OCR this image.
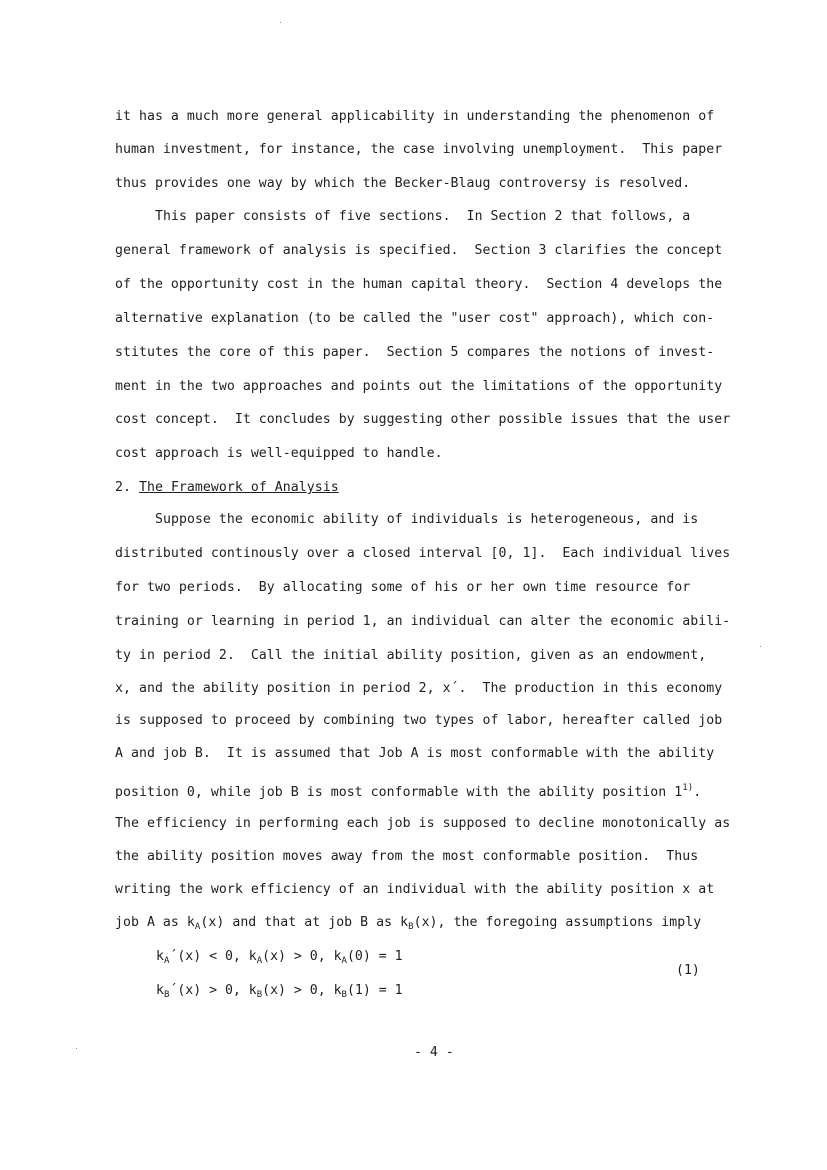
it has a much more general applicability in understanding the phenomenon of
human investment, for instance, the case involving unemployment.  This paper
thus provides one way by which the Becker-Blaug controversy is resolved.
This paper consists of five sections.  In Section 2 that follows, a
general framework of analysis is specified.  Section 3 clarifies the concept
of the opportunity cost in the human capital theory.  Section 4 develops the
alternative explanation (to be called the "user cost" approach), which con-
stitutes the core of this paper.  Section 5 compares the notions of invest-
ment in the two approaches and points out the limitations of the opportunity
cost concept.  It concludes by suggesting other possible issues that the user
cost approach is well-equipped to handle.
2. The Framework of Analysis
Suppose the economic ability of individuals is heterogeneous, and is
distributed continously over a closed interval [0, 1].  Each individual lives
for two periods.  By allocating some of his or her own time resource for
training or learning in period 1, an individual can alter the economic abili-
ty in period 2.  Call the initial ability position, given as an endowment,
x, and the ability position in period 2, x´.  The production in this economy
is supposed to proceed by combining two types of labor, hereafter called job
A and job B.  It is assumed that Job A is most conformable with the ability
position 0, while job B is most conformable with the ability position 1$^{1)}$.
The efficiency in performing each job is supposed to decline monotonically as
the ability position moves away from the most conformable position.  Thus
writing the work efficiency of an individual with the ability position x at
job A as $k_A(x)$ and that at job B as $k_B(x)$, the foregoing assumptions imply
$k_A´(x) < 0$, $k_A(x) > 0$, $k_A(0) = 1$
(1)
$k_B´(x) > 0$, $k_B(x) > 0$, $k_B(1) = 1$
- 4 -
